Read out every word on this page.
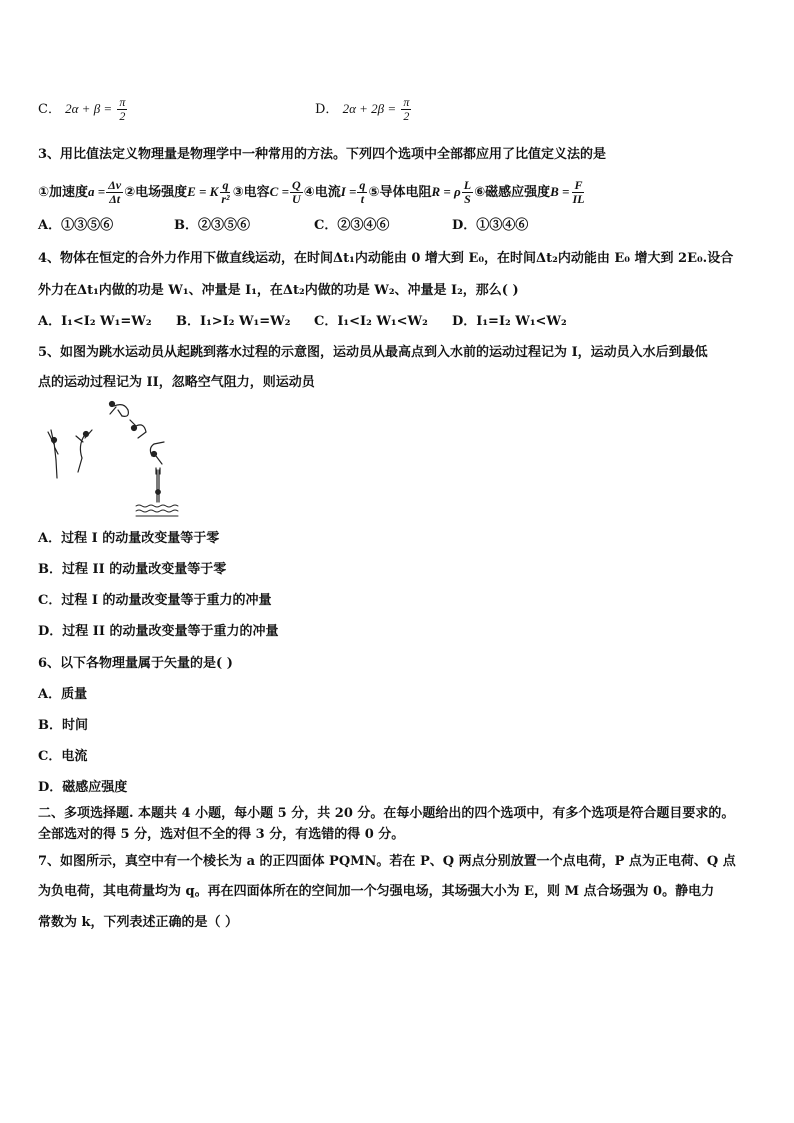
C． $2\alpha + \beta = \frac{\pi}{2}$	D． $2\alpha + 2\beta = \frac{\pi}{2}$
3、用比值法定义物理量是物理学中一种常用的方法。下列四个选项中全部都应用了比值定义法的是
①加速度$a = \frac{\Delta v}{\Delta t}$ ②电场强度E = K $\frac{q}{\text{r²}}$ ③电容$C = \frac{Q}{U}$ ④电流$I = \frac{q}{t}$ ⑤导体电阻R = ρ $\frac{L}{S}$ ⑥磁感应强度$B = \frac{F}{IL}$
A．①③⑤⑥	B．②③⑤⑥	C．②③④⑥	D．①③④⑥
4、物体在恒定的合外力作用下做直线运动，在时间Δt₁内动能由 0 增大到 E₀，在时间Δt₂内动能由 E₀ 增大到 2E₀.设合
外力在Δt₁内做的功是 W₁、冲量是 I₁，在Δt₂内做的功是 W₂、冲量是 I₂，那么( )
A．I₁<I₂ W₁=W₂ B．I₁>I₂ W₁=W₂ C．I₁<I₂ W₁<W₂ D．I₁=I₂ W₁<W₂
5、如图为跳水运动员从起跳到落水过程的示意图，运动员从最高点到入水前的运动过程记为 I，运动员入水后到最低
点的运动过程记为 II，忽略空气阻力，则运动员
A．过程 I 的动量改变量等于零
B．过程 II 的动量改变量等于零
C．过程 I 的动量改变量等于重力的冲量
D．过程 II 的动量改变量等于重力的冲量
6、以下各物理量属于矢量的是( )
A．质量
B．时间
C．电流
D．磁感应强度
二、多项选择题. 本题共 4 小题，每小题 5 分，共 20 分。在每小题给出的四个选项中，有多个选项是符合题目要求的。
全部选对的得 5 分，选对但不全的得 3 分，有选错的得 0 分。
7、如图所示，真空中有一个棱长为 a 的正四面体 PQMN。若在 P、Q 两点分别放置一个点电荷，P 点为正电荷、Q 点
为负电荷，其电荷量均为 q。再在四面体所在的空间加一个匀强电场，其场强大小为 E，则 M 点合场强为 0。静电力
常数为 k，下列表述正确的是（ ）
